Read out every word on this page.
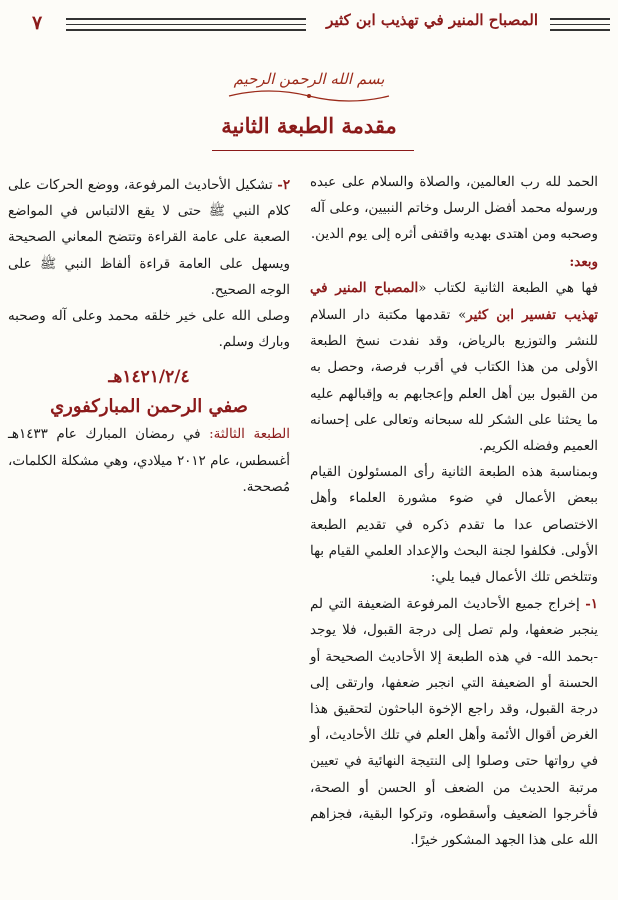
٧	المصباح المنير في تهذيب ابن كثير
بسم الله الرحمن الرحيم
مقدمة الطبعة الثانية

الحمد لله رب العالمين، والصلاة والسلام على عبده ورسوله محمد أفضل الرسل وخاتم النبيين، وعلى آله وصحبه ومن اهتدى بهديه واقتفى أثره إلى يوم الدين.

وبعد:

فها هي الطبعة الثانية لكتاب «المصباح المنير في تهذيب تفسير ابن كثير» تقدمها مكتبة دار السلام للنشر والتوزيع بالرياض، وقد نفدت نسخ الطبعة الأولى من هذا الكتاب في أقرب فرصة، وحصل به من القبول بين أهل العلم وإعجابهم به وإقبالهم عليه ما يحثنا على الشكر لله سبحانه وتعالى على إحسانه العميم وفضله الكريم.

وبمناسبة هذه الطبعة الثانية رأى المسئولون القيام ببعض الأعمال في ضوء مشورة العلماء وأهل الاختصاص عدا ما تقدم ذكره في تقديم الطبعة الأولى. فكلفوا لجنة البحث والإعداد العلمي القيام بها وتتلخص تلك الأعمال فيما يلي:

١- إخراج جميع الأحاديث المرفوعة الضعيفة التي لم ينجبر ضعفها، ولم تصل إلى درجة القبول، فلا يوجد -بحمد الله- في هذه الطبعة إلا الأحاديث الصحيحة أو الحسنة أو الضعيفة التي انجبر ضعفها، وارتقى إلى درجة القبول، وقد راجع الإخوة الباحثون لتحقيق هذا الغرض أقوال الأئمة وأهل العلم في تلك الأحاديث، أو في رواتها حتى وصلوا إلى النتيجة النهائية في تعيين مرتبة الحديث من الضعف أو الحسن أو الصحة، فأخرجوا الضعيف وأسقطوه، وتركوا البقية، فجزاهم الله على هذا الجهد المشكور خيرًا.

٢- تشكيل الأحاديث المرفوعة، ووضع الحركات على كلام النبي ﷺ حتى لا يقع الالتباس في المواضع الصعبة على عامة القراءة وتتضح المعاني الصحيحة ويسهل على العامة قراءة ألفاظ النبي ﷺ على الوجه الصحيح.

وصلى الله على خير خلقه محمد وعلى آله وصحبه وبارك وسلم.

١٤٢١/٢/٤هـ
صفي الرحمن المباركفوري

الطبعة الثالثة: في رمضان المبارك عام ١٤٣٣هـ أغسطس، عام ٢٠١٢ ميلادي، وهي مشكلة الكلمات، مُصححة.
